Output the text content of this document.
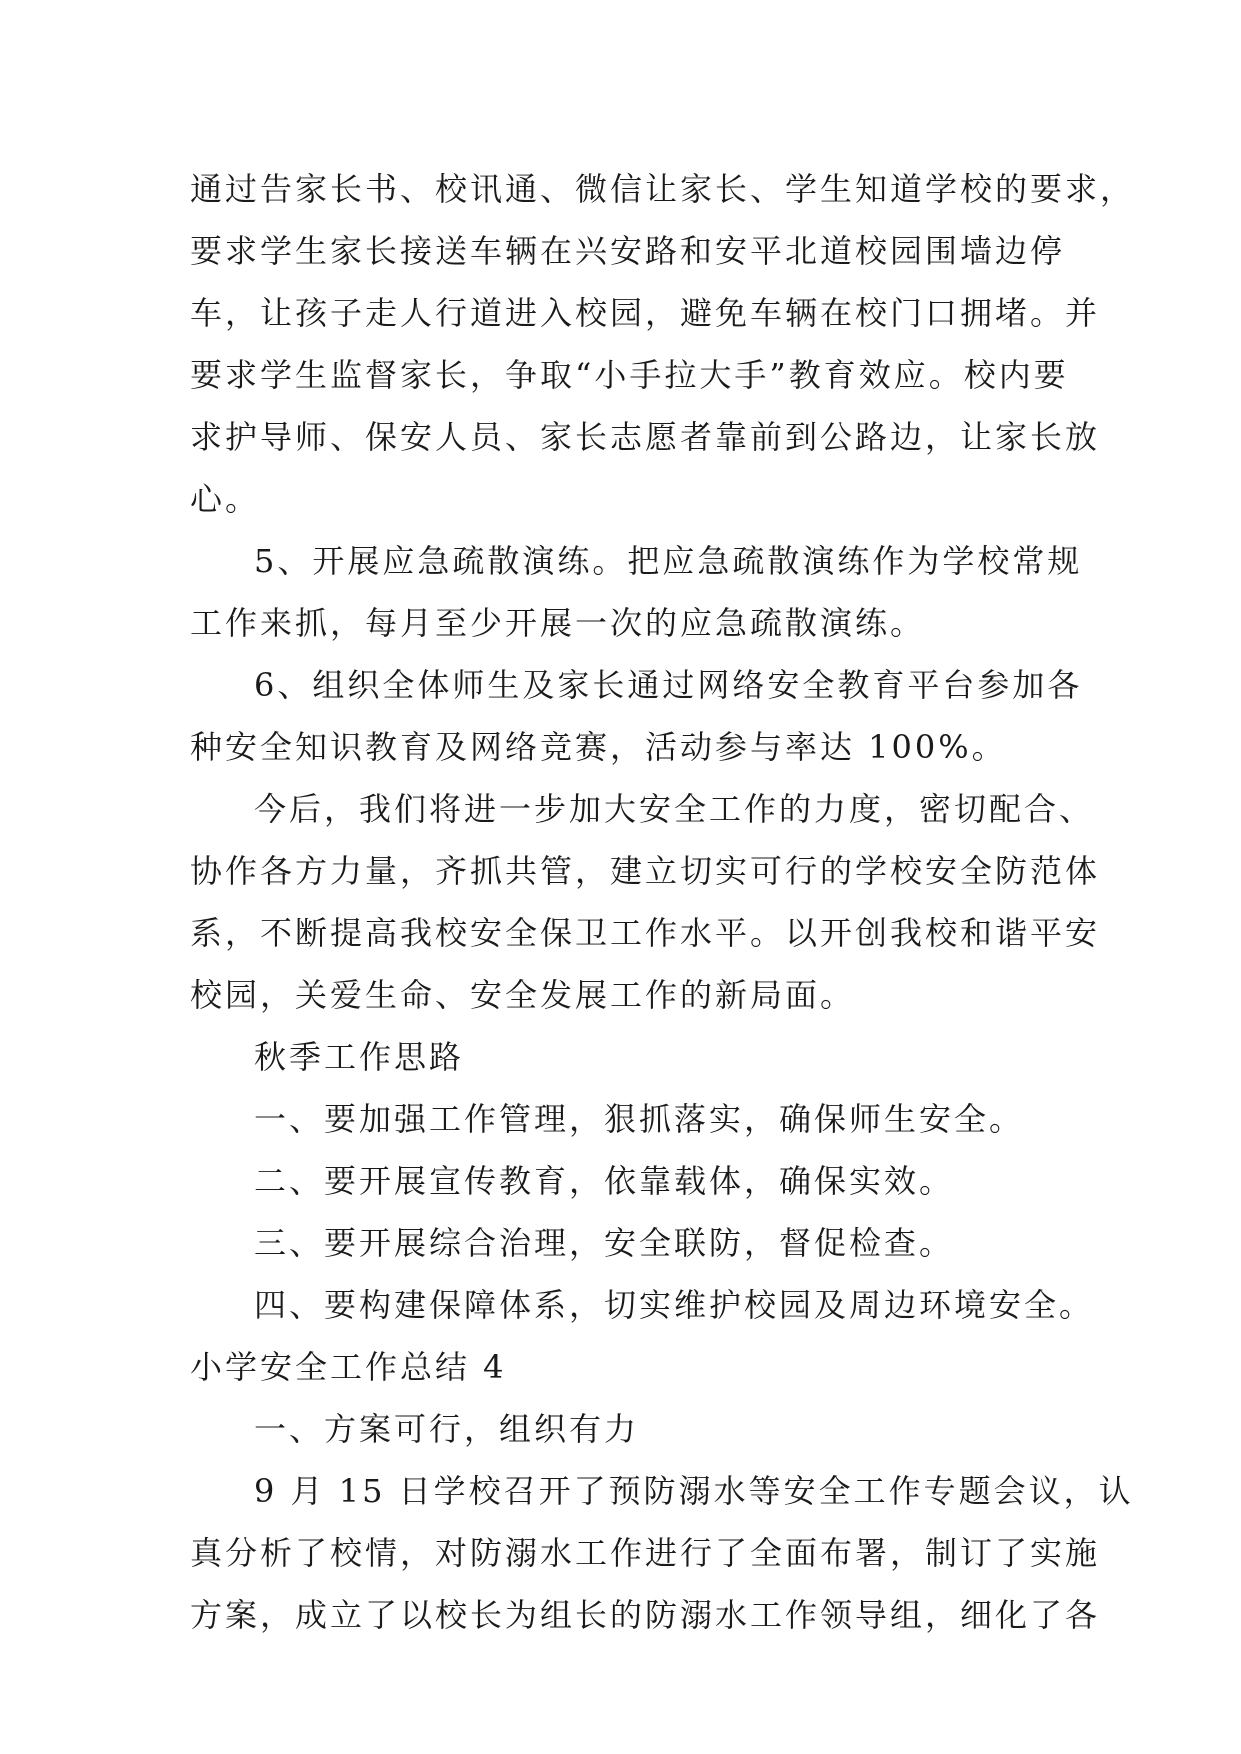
通过告家长书、校讯通、微信让家长、学生知道学校的要求，
要求学生家长接送车辆在兴安路和安平北道校园围墙边停
车，让孩子走人行道进入校园，避免车辆在校门口拥堵。并
要求学生监督家长，争取“小手拉大手”教育效应。校内要
求护导师、保安人员、家长志愿者靠前到公路边，让家长放
心。
5、开展应急疏散演练。把应急疏散演练作为学校常规
工作来抓，每月至少开展一次的应急疏散演练。
6、组织全体师生及家长通过网络安全教育平台参加各
种安全知识教育及网络竞赛，活动参与率达 100%。
今后，我们将进一步加大安全工作的力度，密切配合、
协作各方力量，齐抓共管，建立切实可行的学校安全防范体
系，不断提高我校安全保卫工作水平。以开创我校和谐平安
校园，关爱生命、安全发展工作的新局面。
秋季工作思路
一、要加强工作管理，狠抓落实，确保师生安全。
二、要开展宣传教育，依靠载体，确保实效。
三、要开展综合治理，安全联防，督促检查。
四、要构建保障体系，切实维护校园及周边环境安全。
小学安全工作总结 4
一、方案可行，组织有力
9 月 15 日学校召开了预防溺水等安全工作专题会议，认
真分析了校情，对防溺水工作进行了全面布署，制订了实施
方案，成立了以校长为组长的防溺水工作领导组，细化了各
